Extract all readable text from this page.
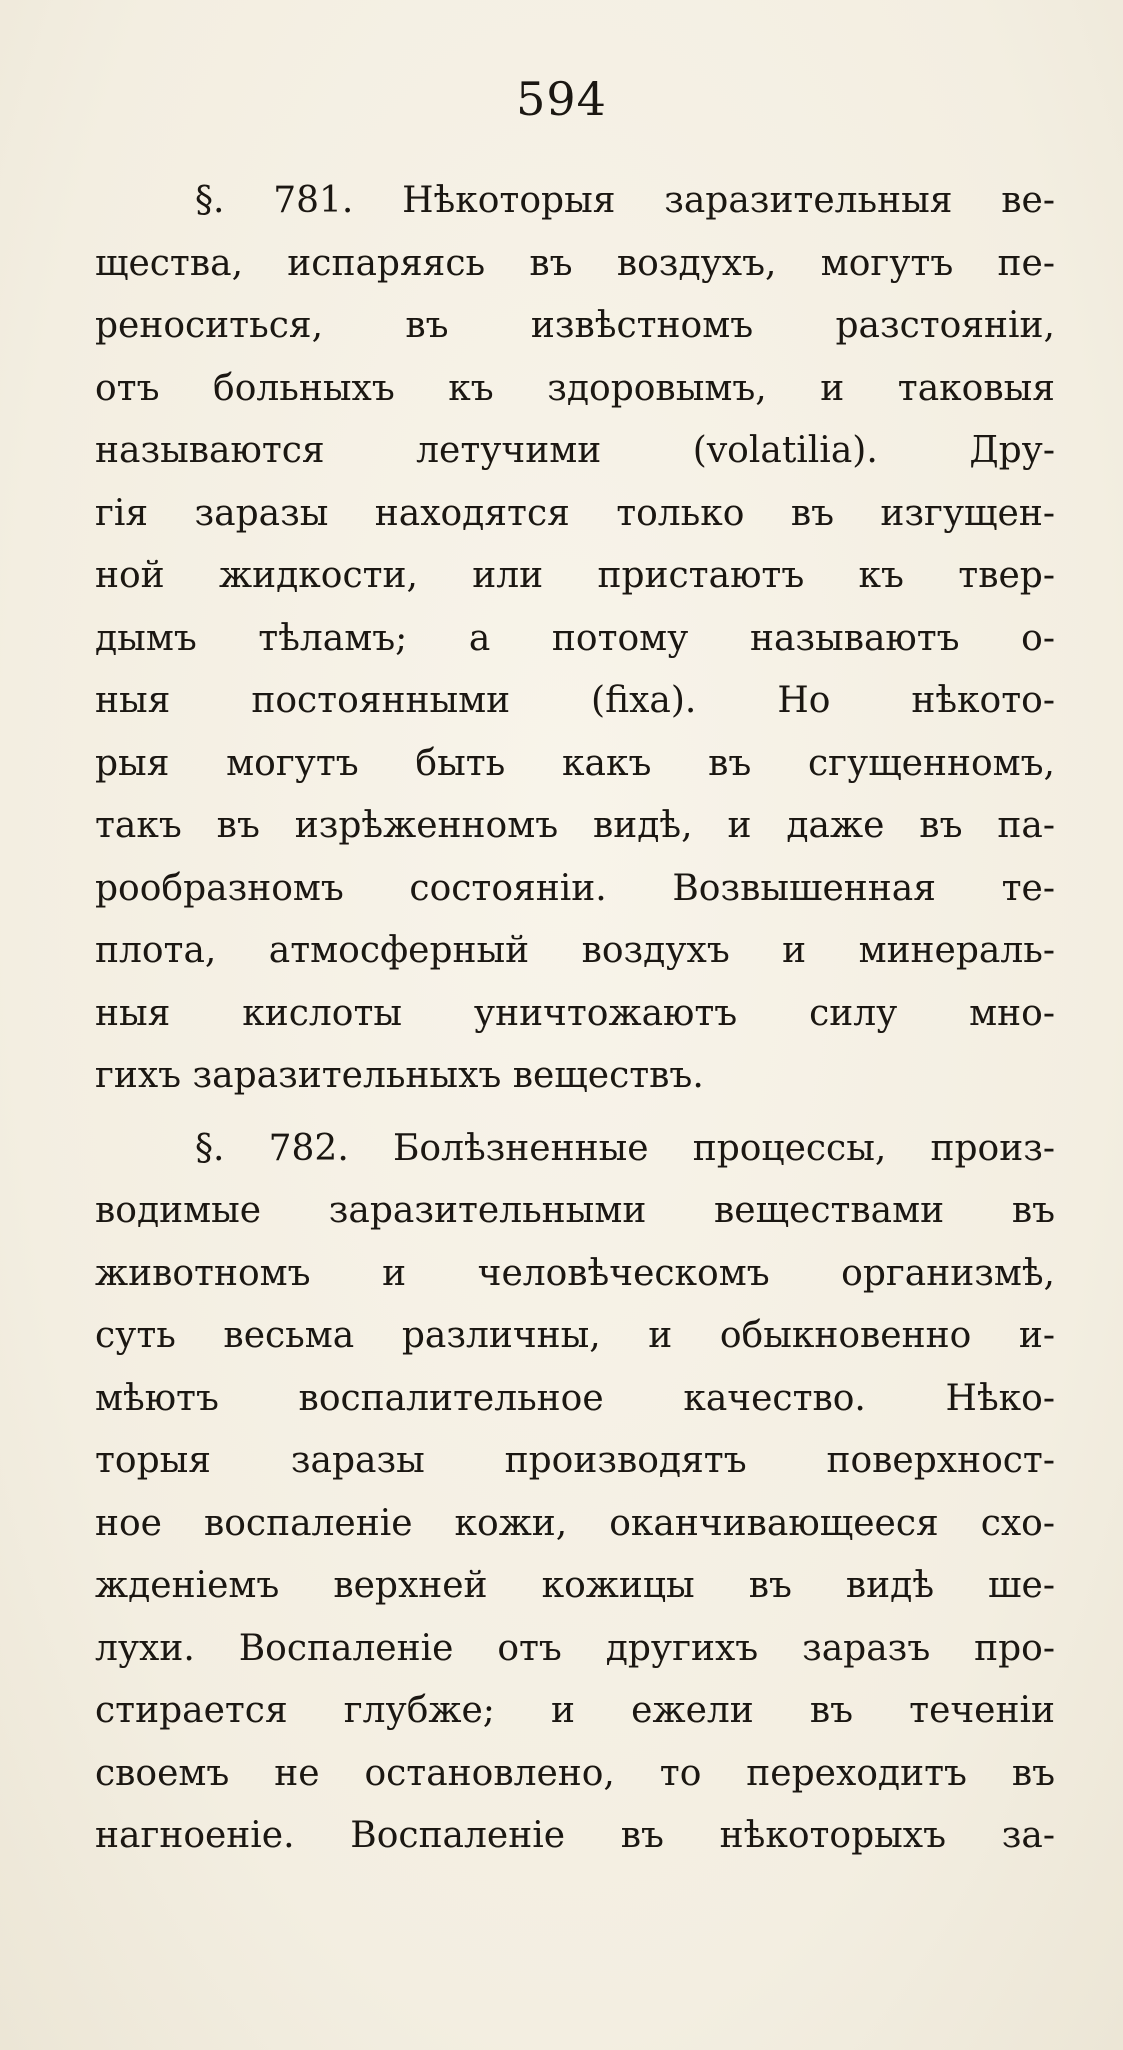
594
§. 781. Нѣкоторыя заразительныя ве-
щества, испаряясь въ воздухъ, могутъ пе-
реноситься, въ извѣстномъ разстояніи,
отъ больныхъ къ здоровымъ, и таковыя
называются летучими (volatilia). Дру-
гія заразы находятся только въ изгущен-
ной жидкости, или пристаютъ къ твер-
дымъ тѣламъ; а потому называютъ о-
ныя постоянными (fixa). Но нѣкото-
рыя могутъ быть какъ въ сгущенномъ,
такъ въ изрѣженномъ видѣ, и даже въ па-
рообразномъ состояніи. Возвышенная те-
плота, атмосферный воздухъ и минераль-
ныя кислоты уничтожаютъ силу мно-
гихъ заразительныхъ веществъ.
§. 782. Болѣзненные процессы, произ-
водимые заразительными веществами въ
животномъ и человѣческомъ организмѣ,
суть весьма различны, и обыкновенно и-
мѣютъ воспалительное качество. Нѣко-
торыя заразы производятъ поверхност-
ное воспаленіе кожи, оканчивающееся схо-
жденіемъ верхней кожицы въ видѣ ше-
лухи. Воспаленіе отъ другихъ заразъ про-
стирается глубже; и ежели въ теченіи
своемъ не остановлено, то переходитъ въ
нагноеніе. Воспаленіе въ нѣкоторыхъ за-
